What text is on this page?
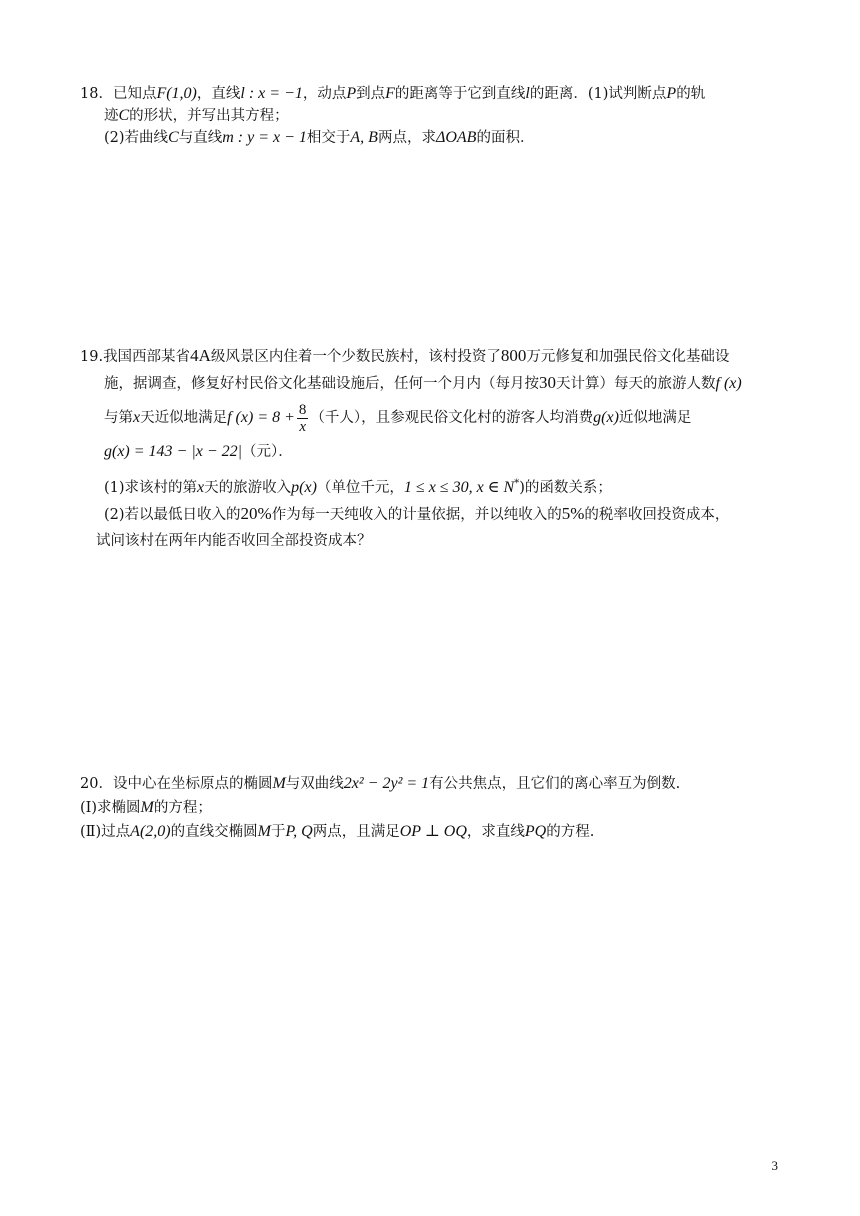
18．已知点F(1,0)，直线l : x = −1，动点P到点F的距离等于它到直线l的距离．(1)试判断点P的轨
迹C的形状，并写出其方程；
(2)若曲线C与直线m : y = x − 1相交于A, B两点，求ΔOAB的面积．
19.我国西部某省4A级风景区内住着一个少数民族村，该村投资了800万元修复和加强民俗文化基础设
施，据调查，修复好村民俗文化基础设施后，任何一个月内（每月按30天计算）每天的旅游人数f (x)
与第x天近似地满足f $(x) = 8 + \frac{8}{x}$ （千人），且参观民俗文化村的游客人均消费g(x)近似地满足
g(x) = 143 − |x − 22|（元）．
(1)求该村的第x天的旅游收入p(x)（单位千元，1 ≤ x ≤ 30, x ∈ N*)的函数关系；
(2)若以最低日收入的20%作为每一天纯收入的计量依据，并以纯收入的5%的税率收回投资成本，
试问该村在两年内能否收回全部投资成本？
20．设中心在坐标原点的椭圆M与双曲线2x² − 2y² = 1有公共焦点，且它们的离心率互为倒数.
(Ⅰ)求椭圆M的方程；
(Ⅱ)过点A(2,0)的直线交椭圆M于P, Q两点，且满足OP ⊥ OQ，求直线PQ的方程.
3
